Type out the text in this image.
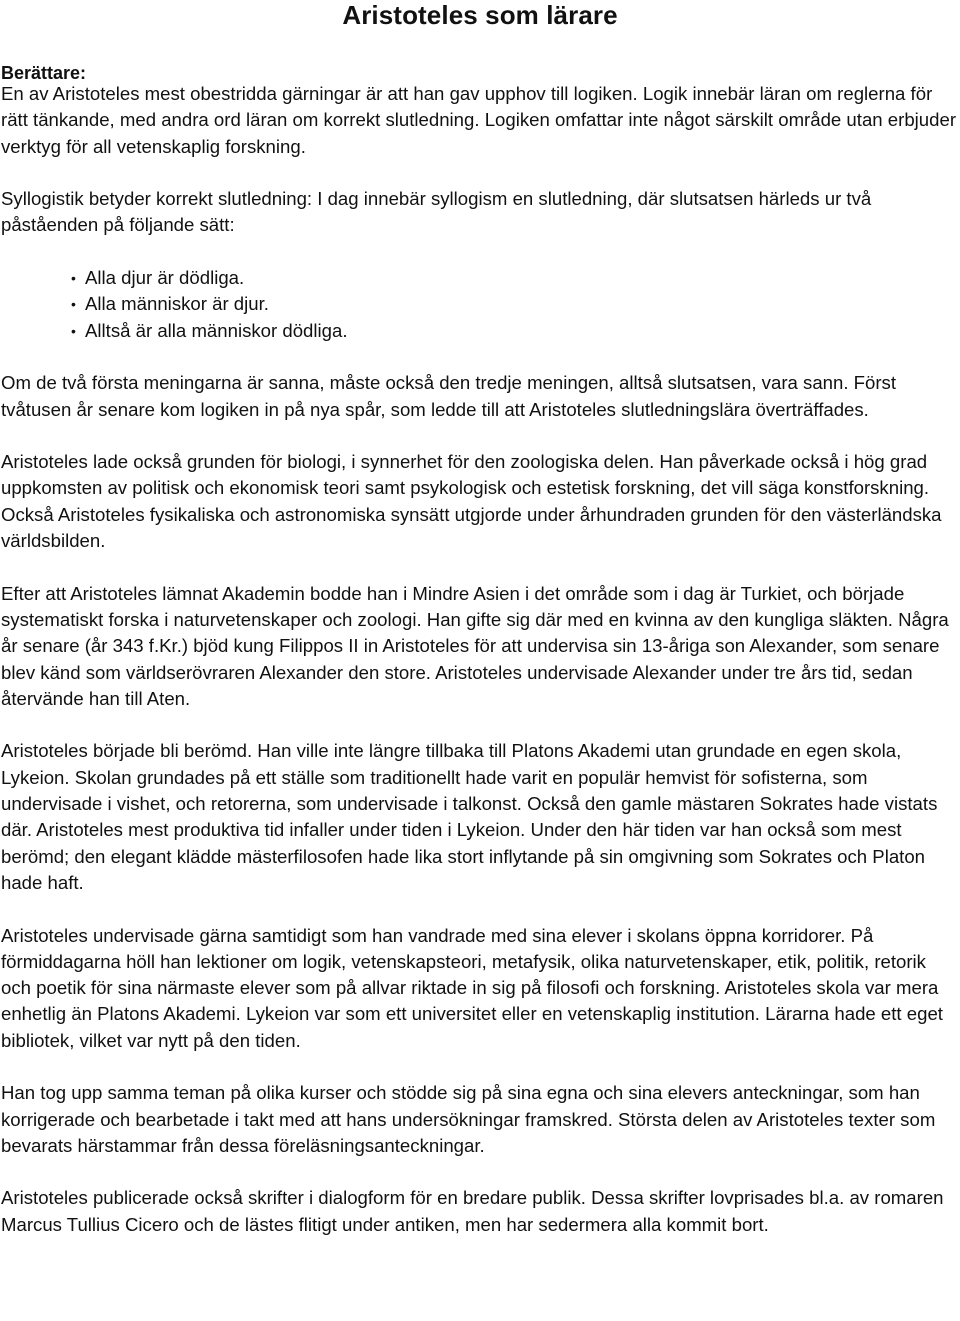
Aristoteles som lärare
Berättare:

En av Aristoteles mest obestridda gärningar är att han gav upphov till logiken. Logik innebär läran om reglerna för rätt tänkande, med andra ord läran om korrekt slutledning. Logiken omfattar inte något särskilt område utan erbjuder verktyg för all vetenskaplig forskning.

Syllogistik betyder korrekt slutledning: I dag innebär syllogism en slutledning, där slutsatsen härleds ur två påståenden på följande sätt:

• Alla djur är dödliga.
• Alla människor är djur.
• Alltså är alla människor dödliga.

Om de två första meningarna är sanna, måste också den tredje meningen, alltså slutsatsen, vara sann. Först tvåtusen år senare kom logiken in på nya spår, som ledde till att Aristoteles slutledningslära överträffades.

Aristoteles lade också grunden för biologi, i synnerhet för den zoologiska delen. Han påverkade också i hög grad uppkomsten av politisk och ekonomisk teori samt psykologisk och estetisk forskning, det vill säga konstforskning. Också Aristoteles fysikaliska och astronomiska synsätt utgjorde under århundraden grunden för den västerländska världsbilden.

Efter att Aristoteles lämnat Akademin bodde han i Mindre Asien i det område som i dag är Turkiet, och började systematiskt forska i naturvetenskaper och zoologi. Han gifte sig där med en kvinna av den kungliga släkten. Några år senare (år 343 f.Kr.) bjöd kung Filippos II in Aristoteles för att undervisa sin 13-åriga son Alexander, som senare blev känd som världserövraren Alexander den store. Aristoteles undervisade Alexander under tre års tid, sedan återvände han till Aten.

Aristoteles började bli berömd. Han ville inte längre tillbaka till Platons Akademi utan grundade en egen skola, Lykeion. Skolan grundades på ett ställe som traditionellt hade varit en populär hemvist för sofisterna, som undervisade i vishet, och retorerna, som undervisade i talkonst. Också den gamle mästaren Sokrates hade vistats där. Aristoteles mest produktiva tid infaller under tiden i Lykeion. Under den här tiden var han också som mest berömd; den elegant klädde mästerfilosofen hade lika stort inflytande på sin omgivning som Sokrates och Platon hade haft.

Aristoteles undervisade gärna samtidigt som han vandrade med sina elever i skolans öppna korridorer. På förmiddagarna höll han lektioner om logik, vetenskapsteori, metafysik, olika naturvetenskaper, etik, politik, retorik och poetik för sina närmaste elever som på allvar riktade in sig på filosofi och forskning. Aristoteles skola var mera enhetlig än Platons Akademi. Lykeion var som ett universitet eller en vetenskaplig institution. Lärarna hade ett eget bibliotek, vilket var nytt på den tiden.

Han tog upp samma teman på olika kurser och stödde sig på sina egna och sina elevers anteckningar, som han korrigerade och bearbetade i takt med att hans undersökningar framskred. Största delen av Aristoteles texter som bevarats härstammar från dessa föreläsningsanteckningar.

Aristoteles publicerade också skrifter i dialogform för en bredare publik. Dessa skrifter lovprisades bl.a. av romaren Marcus Tullius Cicero och de lästes flitigt under antiken, men har sedermera alla kommit bort.
